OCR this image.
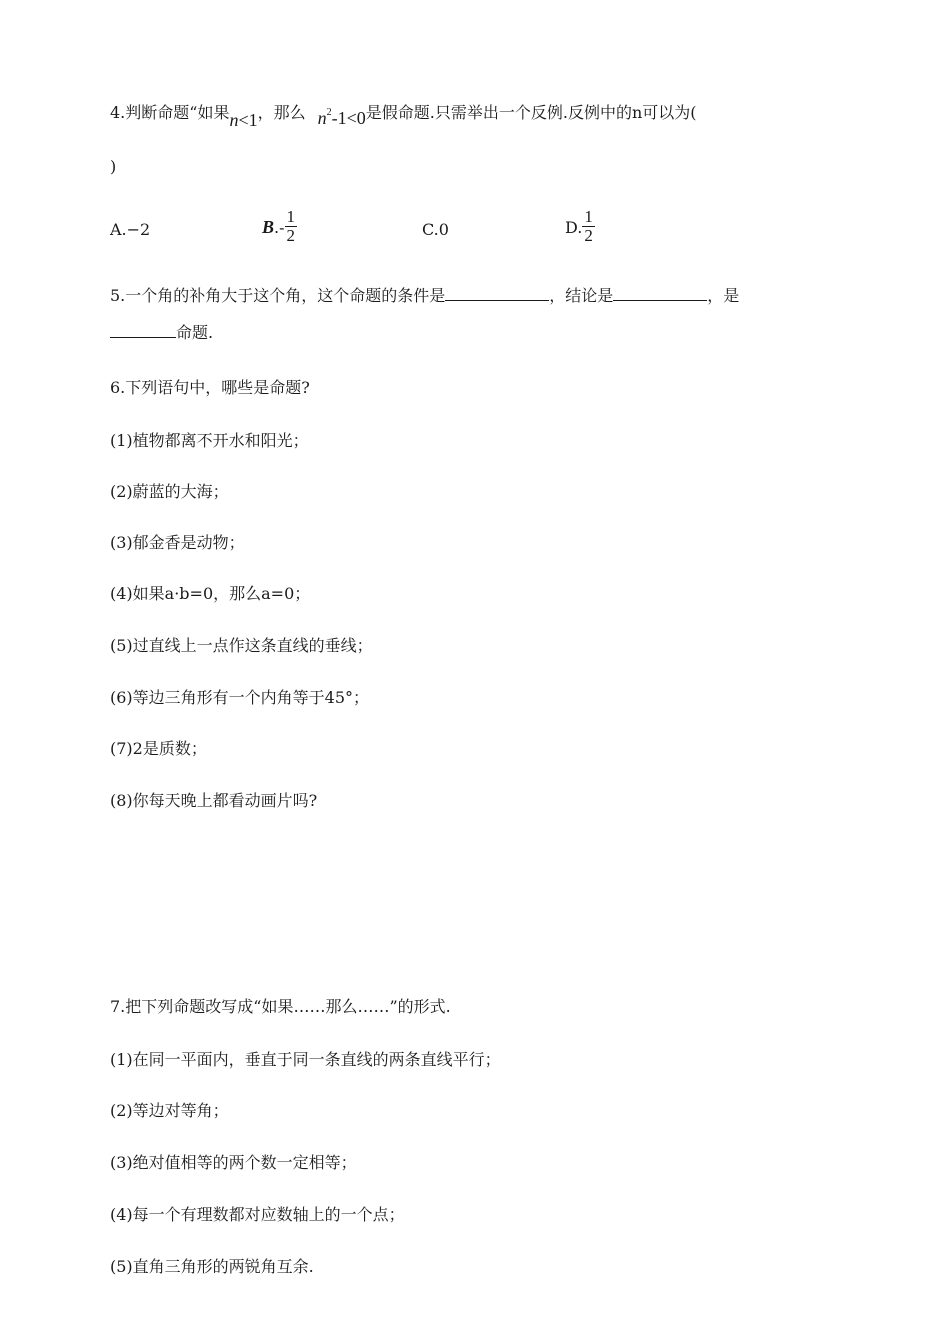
4.判断命题“如果n<1，那么 $n^2-1<0$是假命题.只需举出一个反例.反例中的n可以为(
)
A.−2	$B.- \frac{1}{2}$	C.0	D. $\frac{1}{2}$
5.一个角的补角大于这个角，这个命题的条件是	，结论是	，是
命题.
6.下列语句中，哪些是命题?
(1)植物都离不开水和阳光；
(2)蔚蓝的大海；
(3)郁金香是动物；
(4)如果a·b=0，那么a=0；
(5)过直线上一点作这条直线的垂线；
(6)等边三角形有一个内角等于45°；
(7)2是质数；
(8)你每天晚上都看动画片吗?
7.把下列命题改写成“如果……那么……”的形式.
(1)在同一平面内，垂直于同一条直线的两条直线平行；
(2)等边对等角；
(3)绝对值相等的两个数一定相等；
(4)每一个有理数都对应数轴上的一个点；
(5)直角三角形的两锐角互余.
